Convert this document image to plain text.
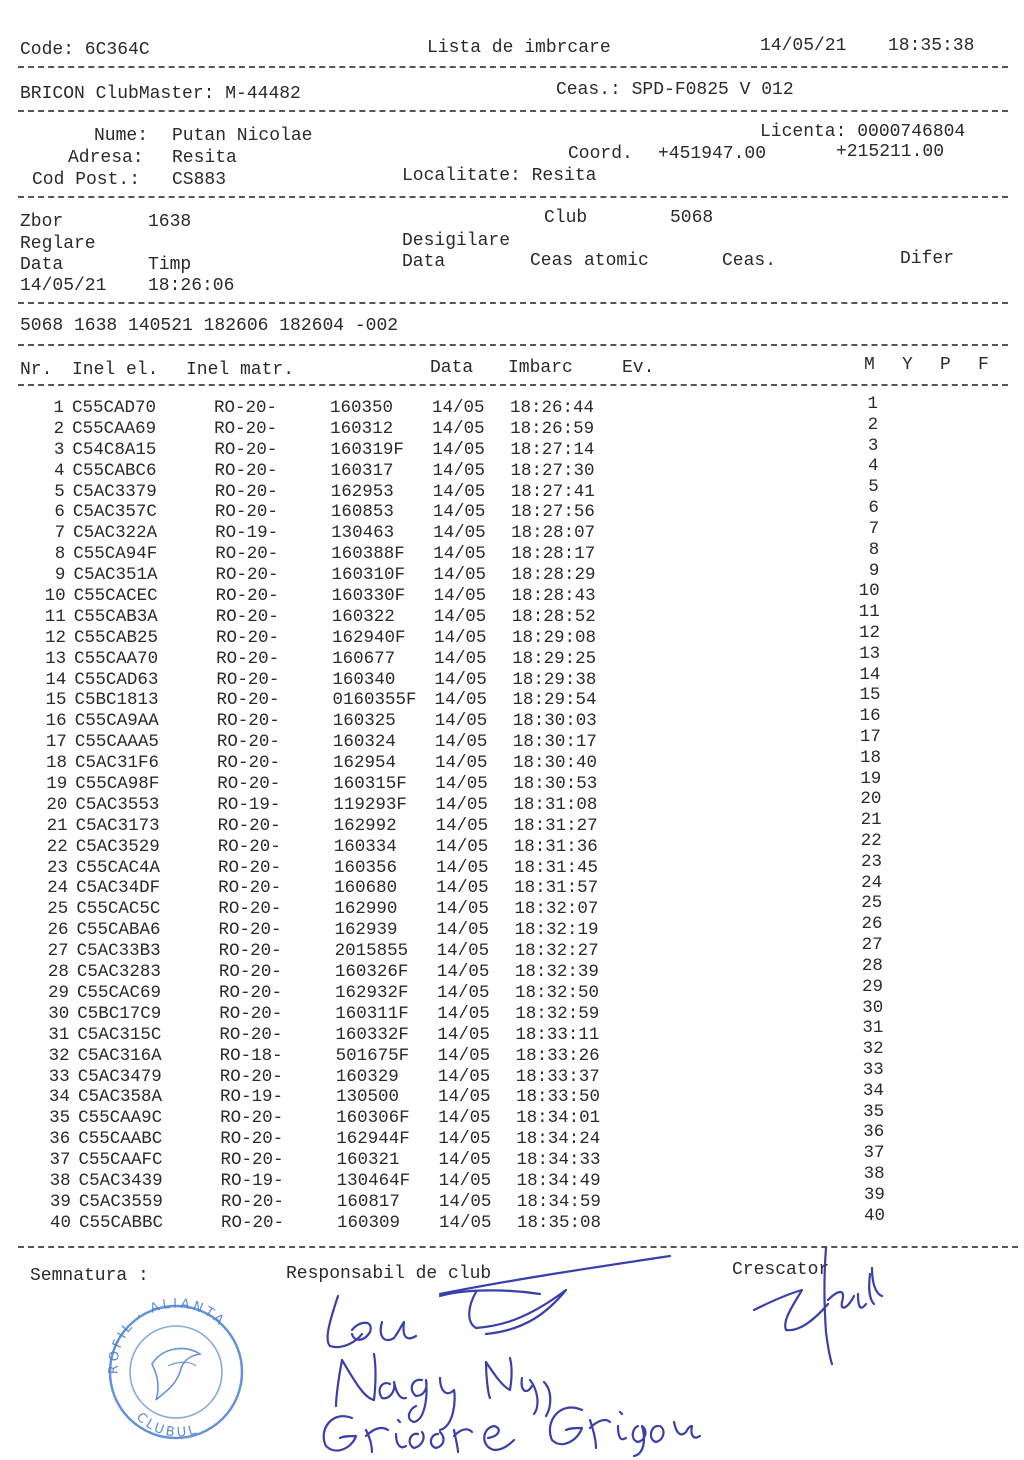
Code: 6C364C	Lista de imbrcare	14/05/21 18:35:38
BRICON ClubMaster: M-44482	Ceas.: SPD-F0825 V 012
Nume: Putan Nicolae	Licenta: 0000746804
Adresa: Resita	Coord. +451947.00	+215211.00
Cod Post.: CS883	Localitate: Resita
Zbor	1638	Club	5068
Reglare	Desigilare
Data	Timp	Data	Ceas atomic	Ceas.	Difer
14/05/21 18:26:06
5068 1638 140521 182606 182604 -002
Nr. Inel el. Inel matr.	Data Imbarc	Ev.	M Y P F
1 C55CAD70	RO-20-	160350 14/05 18:26:44	1
2 C55CAA69	RO-20-	160312 14/05 18:26:59	2
3 C54C8A15	RO-20-	160319F 14/05 18:27:14	3
4 C55CABC6	RO-20-	160317 14/05 18:27:30	4
5 C5AC3379	RO-20-	162953 14/05 18:27:41	5
6 C5AC357C	RO-20-	160853 14/05 18:27:56	6
7 C5AC322A	RO-19-	130463 14/05 18:28:07	7
8 C55CA94F	RO-20-	160388F 14/05 18:28:17	8
9 C5AC351A	RO-20-	160310F 14/05 18:28:29	9
10 C55CACEC	RO-20-	160330F 14/05 18:28:43	10
11 C55CAB3A	RO-20-	160322 14/05 18:28:52	11
12 C55CAB25	RO-20-	162940F 14/05 18:29:08	12
13 C55CAA70	RO-20-	160677 14/05 18:29:25	13
14 C55CAD63	RO-20-	160340 14/05 18:29:38	14
15 C5BC1813	RO-20-	0160355F 14/05 18:29:54	15
16 C55CA9AA	RO-20-	160325 14/05 18:30:03	16
17 C55CAAA5	RO-20-	160324 14/05 18:30:17	17
18 C5AC31F6	RO-20-	162954 14/05 18:30:40	18
19 C55CA98F	RO-20-	160315F 14/05 18:30:53	19
20 C5AC3553	RO-19-	119293F 14/05 18:31:08	20
21 C5AC3173	RO-20-	162992 14/05 18:31:27	21
22 C5AC3529	RO-20-	160334 14/05 18:31:36	22
23 C55CAC4A	RO-20-	160356 14/05 18:31:45	23
24 C5AC34DF	RO-20-	160680 14/05 18:31:57	24
25 C55CAC5C	RO-20-	162990 14/05 18:32:07	25
26 C55CABA6	RO-20-	162939 14/05 18:32:19	26
27 C5AC33B3	RO-20-	2015855 14/05 18:32:27	27
28 C5AC3283	RO-20-	160326F 14/05 18:32:39	28
29 C55CAC69	RO-20-	162932F 14/05 18:32:50	29
30 C5BC17C9	RO-20-	160311F 14/05 18:32:59	30
31 C5AC315C	RO-20-	160332F 14/05 18:33:11	31
32 C5AC316A	RO-18-	501675F 14/05 18:33:26	32
33 C5AC3479	RO-20-	160329 14/05 18:33:37	33
34 C5AC358A	RO-19-	130500 14/05 18:33:50	34
35 C55CAA9C	RO-20-	160306F 14/05 18:34:01	35
36 C55CAABC	RO-20-	162944F 14/05 18:34:24	36
37 C55CAAFC	RO-20-	160321 14/05 18:34:33	37
38 C5AC3439	RO-19-	130464F 14/05 18:34:49	38
39 C5AC3559	RO-20-	160817 14/05 18:34:59	39
40 C55CABBC	RO-20-	160309 14/05 18:35:08	40
Semnatura :	Responsabil de club	Crescator
ROFIL · ALIANTA
CLUBUL
